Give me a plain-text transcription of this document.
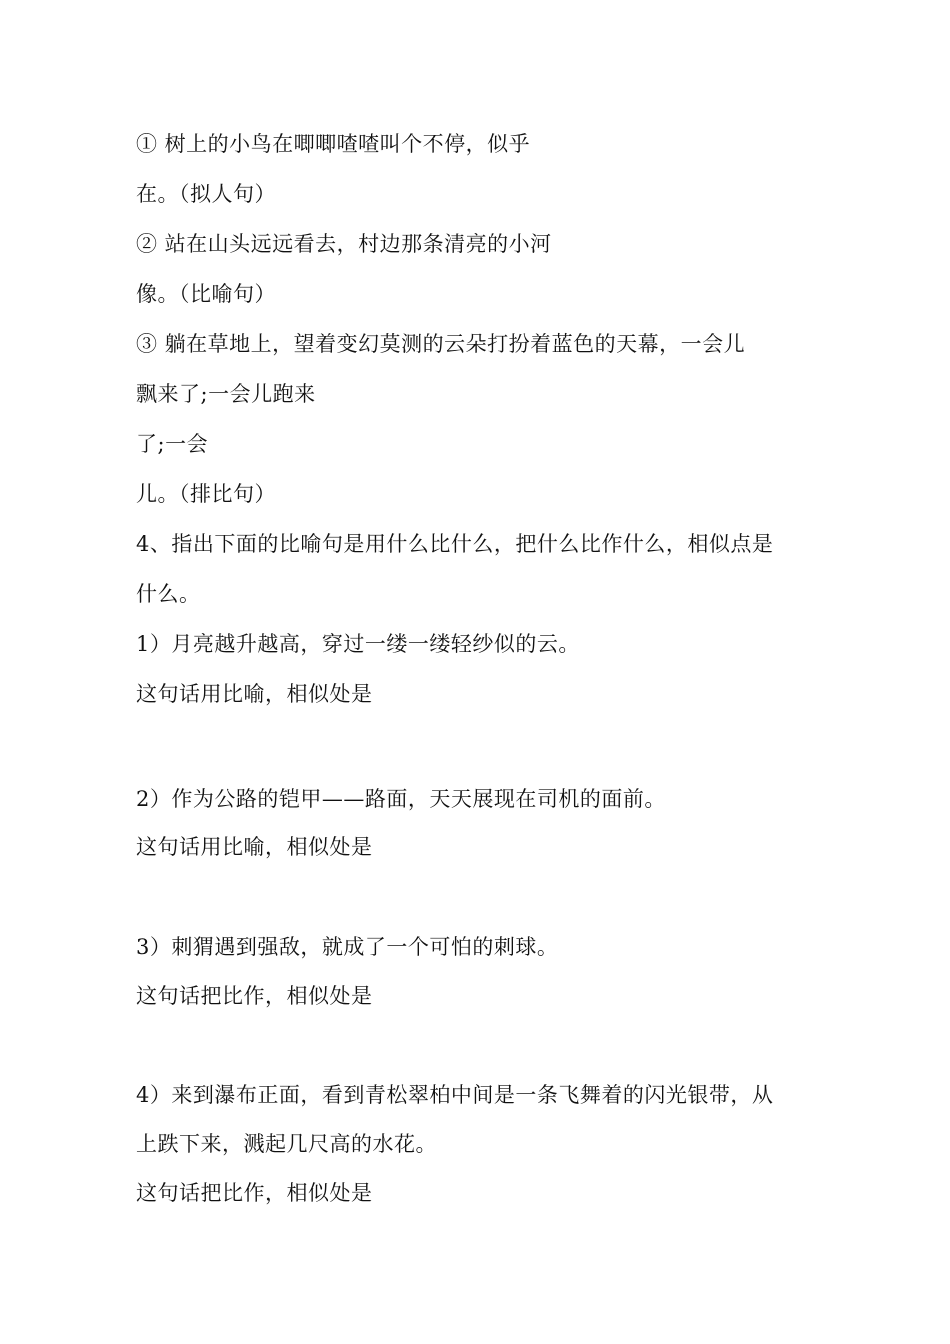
① 树上的小鸟在唧唧喳喳叫个不停，似乎
在。（拟人句）
② 站在山头远远看去，村边那条清亮的小河
像。（比喻句）
③ 躺在草地上，望着变幻莫测的云朵打扮着蓝色的天幕，一会儿
飘来了;一会儿跑来
了;一会
儿。（排比句）
4、指出下面的比喻句是用什么比什么，把什么比作什么，相似点是
什么。
1）月亮越升越高，穿过一缕一缕轻纱似的云。
这句话用比喻，相似处是
2）作为公路的铠甲——路面，天天展现在司机的面前。
这句话用比喻，相似处是
3）刺猬遇到强敌，就成了一个可怕的刺球。
这句话把比作，相似处是
4）来到瀑布正面，看到青松翠柏中间是一条飞舞着的闪光银带，从
上跌下来，溅起几尺高的水花。
这句话把比作，相似处是
